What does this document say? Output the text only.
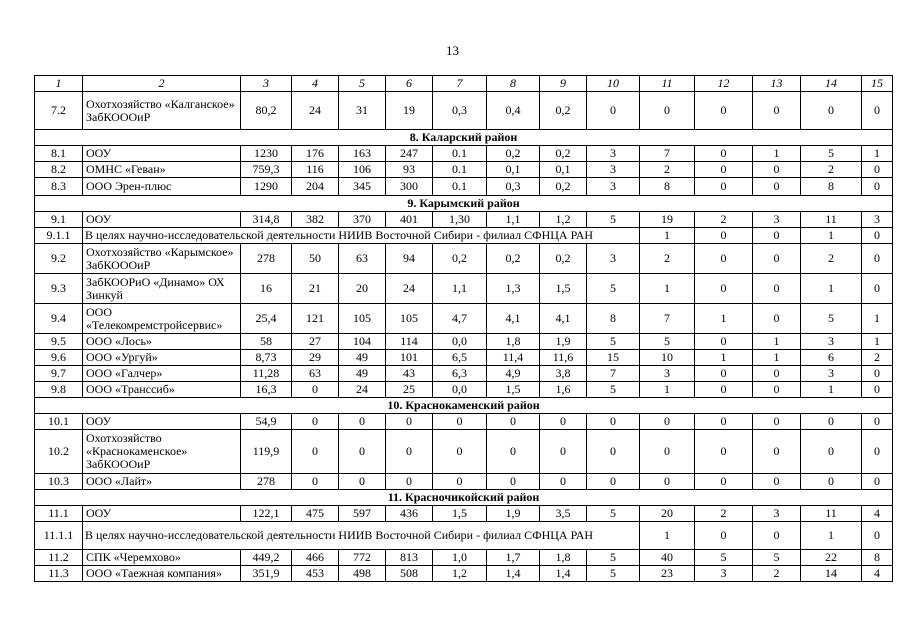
13
1	2	3	4	5	6	7	8	9	10	11	12	13	14	15
7.2	Охотхозяйство «Калганское» ЗабКОООиР	80,2	24	31	19	0,3	0,4	0,2	0	0	0	0	0	0
8. Каларский район														
8.1	ООУ	1230	176	163	247	0.1	0,2	0,2	3	7	0	1	5	1
8.2	ОМНС «Геван»	759,3	116	106	93	0.1	0,1	0,1	3	2	0	0	2	0
8.3	ООО Эрен-плюс	1290	204	345	300	0.1	0,3	0,2	3	8	0	0	8	0
9. Карымский район														
9.1	ООУ	314,8	382	370	401	1,30	1,1	1,2	5	19	2	3	11	3
9.1.1	В целях научно-исследовательской деятельности НИИВ Восточной Сибири - филиал СФНЦА РАН									1	0	0	1	0
9.2	Охотхозяйство «Карымское» ЗабКОООиР	278	50	63	94	0,2	0,2	0,2	3	2	0	0	2	0
9.3	ЗабКООРиО «Динамо» ОХ Зинкуй	16	21	20	24	1,1	1,3	1,5	5	1	0	0	1	0
9.4	ООО «Телекомремстройсервис»	25,4	121	105	105	4,7	4,1	4,1	8	7	1	0	5	1
9.5	ООО «Лось»	58	27	104	114	0,0	1,8	1,9	5	5	0	1	3	1
9.6	ООО «Ургуй»	8,73	29	49	101	6,5	11,4	11,6	15	10	1	1	6	2
9.7	ООО «Галчер»	11,28	63	49	43	6,3	4,9	3,8	7	3	0	0	3	0
9.8	ООО «Транссиб»	16,3	0	24	25	0,0	1,5	1,6	5	1	0	0	1	0
10. Краснокаменский район														
10.1	ООУ	54,9	0	0	0	0	0	0	0	0	0	0	0	0
10.2	Охотхозяйство «Краснокаменское» ЗабКОООиР	119,9	0	0	0	0	0	0	0	0	0	0	0	0
10.3	ООО «Лайт»	278	0	0	0	0	0	0	0	0	0	0	0	0
11. Красночикойский район														
11.1	ООУ	122,1	475	597	436	1,5	1,9	3,5	5	20	2	3	11	4
11.1.1	В целях научно-исследовательской деятельности НИИВ Восточной Сибири - филиал СФНЦА РАН									1	0	0	1	0
11.2	СПК «Черемхово»	449,2	466	772	813	1,0	1,7	1,8	5	40	5	5	22	8
11.3	ООО «Таежная компания»	351,9	453	498	508	1,2	1,4	1,4	5	23	3	2	14	4
